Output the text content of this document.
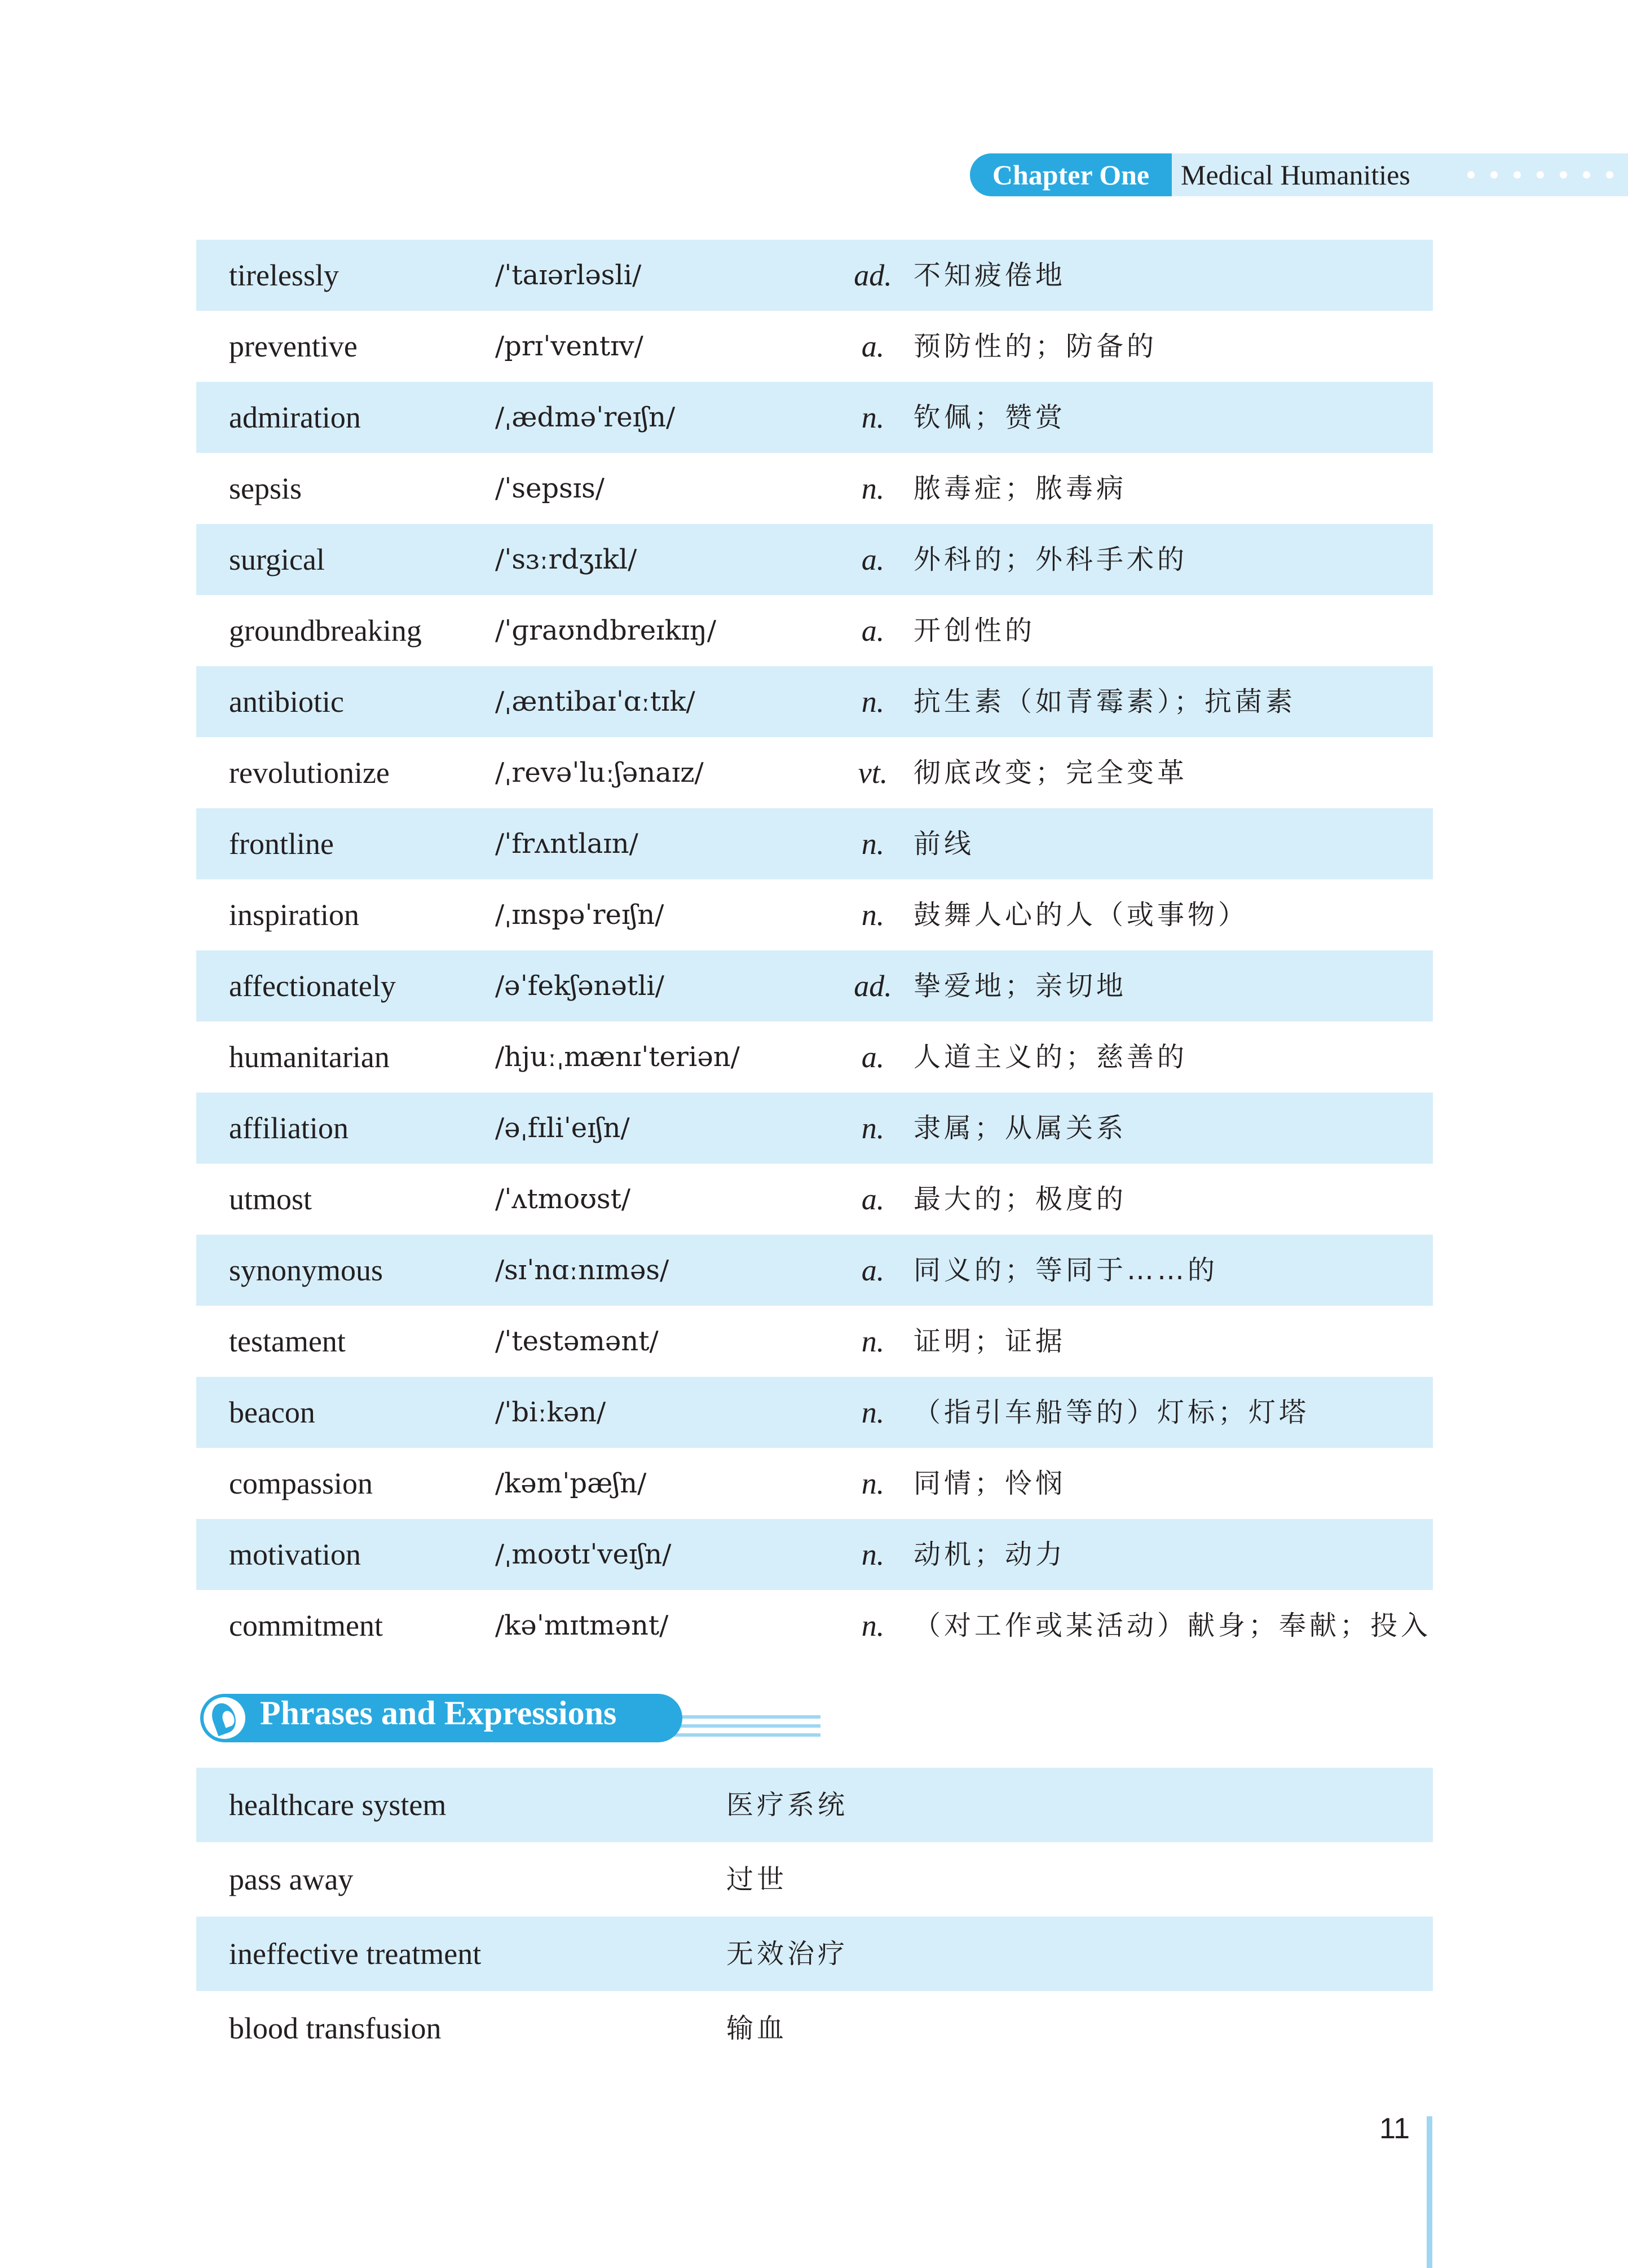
Chapter One	Medical Humanities
tirelessly	/ˈtaɪərləsli/	ad. 不知疲倦地
preventive	/prɪˈventɪv/	a.	预防性的；防备的
admiration	/ˌædməˈreɪʃn/	n.	钦佩；赞赏
sepsis	/ˈsepsɪs/	n.	脓毒症；脓毒病
surgical	/ˈsɜːrdʒɪkl/	a.	外科的；外科手术的
groundbreaking	/ˈɡraʊndbreɪkɪŋ/	a.	开创性的
antibiotic	/ˌæntibaɪˈɑːtɪk/	n.	抗生素（如青霉素）；抗菌素
revolutionize	/ˌrevəˈluːʃənaɪz/	vt. 彻底改变；完全变革
frontline	/ˈfrʌntlaɪn/	n.	前线
inspiration	/ˌɪnspəˈreɪʃn/	n.	鼓舞人心的人（或事物）
affectionately	/əˈfekʃənətli/	ad. 挚爱地；亲切地
humanitarian	/hjuːˌmænɪˈteriən/	a.	人道主义的；慈善的
affiliation	/əˌfɪliˈeɪʃn/	n.	隶属；从属关系
utmost	/ˈʌtmoʊst/	a.	最大的；极度的
synonymous	/sɪˈnɑːnɪməs/	a.	同义的；等同于……的
testament	/ˈtestəmənt/	n.	证明；证据
beacon	/ˈbiːkən/	n.	（指引车船等的）灯标；灯塔
compassion	/kəmˈpæʃn/	n.	同情；怜悯
motivation	/ˌmoʊtɪˈveɪʃn/	n.	动机；动力
commitment	/kəˈmɪtmənt/	n.	（对工作或某活动）献身；奉献；投入
Phrases and Expressions
healthcare system	医疗系统
pass away	过世
ineffective treatment	无效治疗
blood transfusion	输血
11
